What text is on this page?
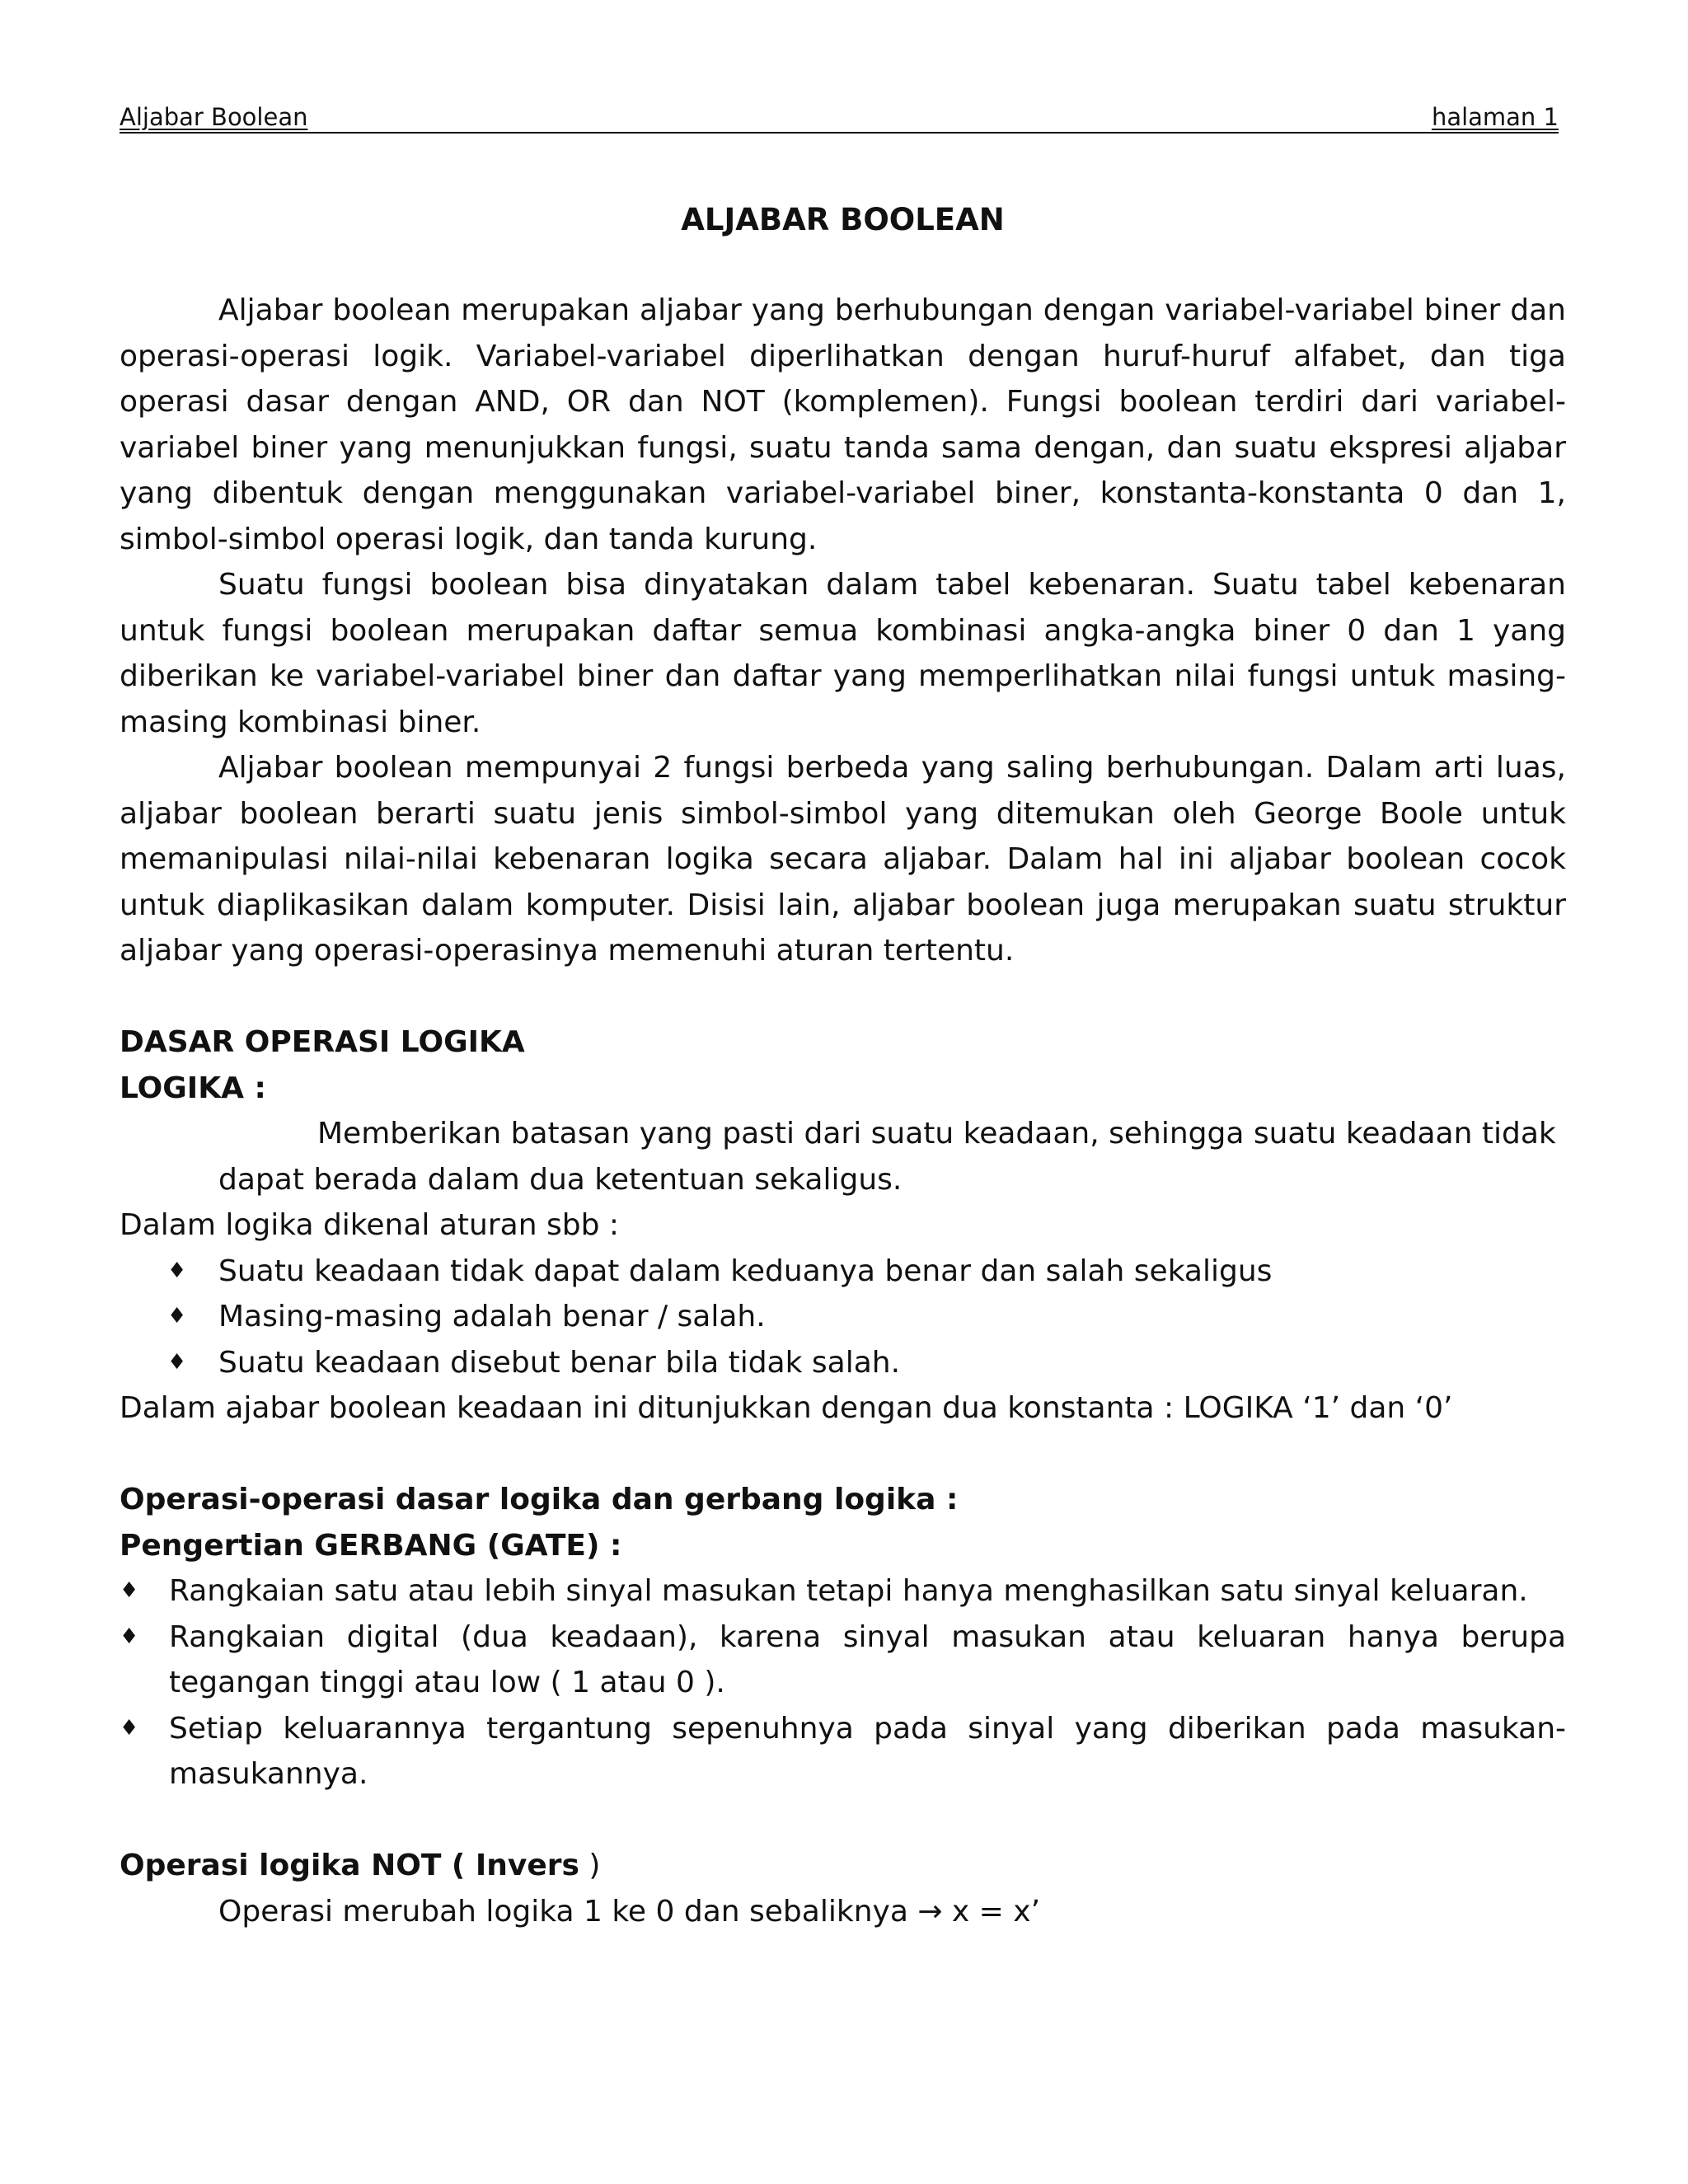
Aljabar Boolean	halaman 1
ALJABAR BOOLEAN

Aljabar boolean merupakan aljabar yang berhubungan dengan variabel-variabel biner dan operasi-operasi logik. Variabel-variabel diperlihatkan dengan huruf-huruf alfabet, dan tiga operasi dasar dengan AND, OR dan NOT (komplemen). Fungsi boolean terdiri dari variabel-variabel biner yang menunjukkan fungsi, suatu tanda sama dengan, dan suatu ekspresi aljabar yang dibentuk dengan menggunakan variabel-variabel biner, konstanta-konstanta 0 dan 1, simbol-simbol operasi logik, dan tanda kurung.

Suatu fungsi boolean bisa dinyatakan dalam tabel kebenaran. Suatu tabel kebenaran untuk fungsi boolean merupakan daftar semua kombinasi angka-angka biner 0 dan 1 yang diberikan ke variabel-variabel biner dan daftar yang memperlihatkan nilai fungsi untuk masing-masing kombinasi biner.

Aljabar boolean mempunyai 2 fungsi berbeda yang saling berhubungan. Dalam arti luas, aljabar boolean berarti suatu jenis simbol-simbol yang ditemukan oleh George Boole untuk memanipulasi nilai-nilai kebenaran logika secara aljabar. Dalam hal ini aljabar boolean cocok untuk diaplikasikan dalam komputer. Disisi lain, aljabar boolean juga merupakan suatu struktur aljabar yang operasi-operasinya memenuhi aturan tertentu.

DASAR OPERASI LOGIKA

LOGIKA :

Memberikan batasan yang pasti dari suatu keadaan, sehingga suatu keadaan tidak dapat berada dalam dua ketentuan sekaligus.

Dalam logika dikenal aturan sbb :

♦ Suatu keadaan tidak dapat dalam keduanya benar dan salah sekaligus
♦ Masing-masing adalah benar / salah.
♦ Suatu keadaan disebut benar bila tidak salah.

Dalam ajabar boolean keadaan ini ditunjukkan dengan dua konstanta : LOGIKA ‘1’ dan ‘0’

Operasi-operasi dasar logika dan gerbang logika :

Pengertian GERBANG (GATE) :

♦ Rangkaian satu atau lebih sinyal masukan tetapi hanya menghasilkan satu sinyal keluaran.
♦ Rangkaian digital (dua keadaan), karena sinyal masukan atau keluaran hanya berupa tegangan tinggi atau low ( 1 atau 0 ).
♦ Setiap keluarannya tergantung sepenuhnya pada sinyal yang diberikan pada masukan-masukannya.

Operasi logika NOT ( Invers )

Operasi merubah logika 1 ke 0 dan sebaliknya → x = x’
